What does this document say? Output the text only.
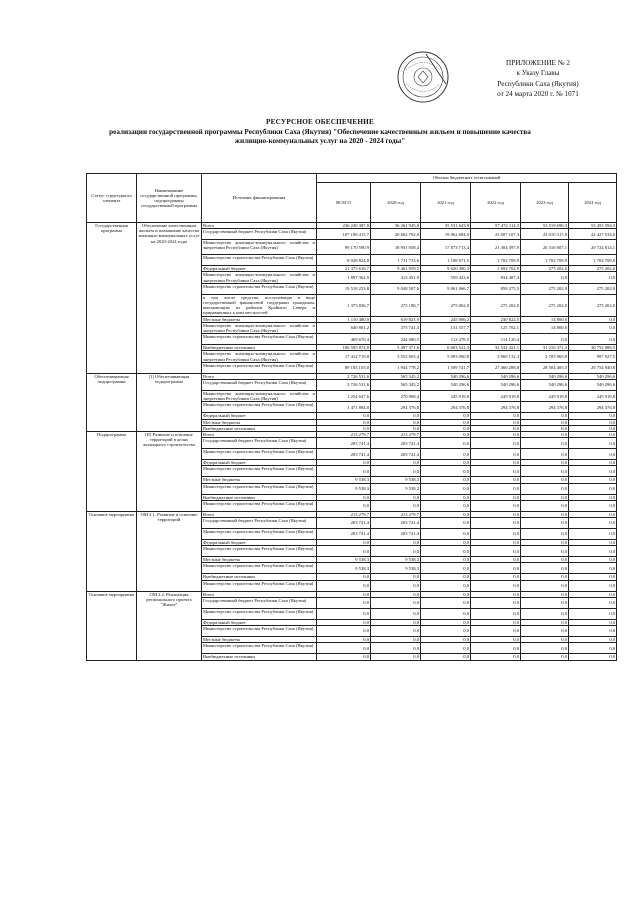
ПРИЛОЖЕНИЕ № 2
к Указу Главы
Республики Саха (Якутия)
от 24 марта 2020 г. № 1071
РЕСУРСНОЕ ОБЕСПЕЧЕНИЕ
реализации государственной программы Республики Саха (Якутия) "Обеспечение качественным жильем и повышение качества
жилищно-коммунальных услуг на 2020 - 2024 годы"
Статус структурного элемента	Наименование государственной программы, подпрограммы государственной программы	Источник финансирования	Объемы бюджетных ассигнований					
			ВСЕГО	2020 год	2021 год	2022 год	2023 год	2024 год
Государственная программа	Обеспечение качественным жильем и повышение качества жилищно-коммунальных услуг на 2020-2024 годы	Всего	236 240 387,8	36 261 945,0	35 531 643,9	57 472 114,3	53 519 690,3	53 455 594,3
		Государственный бюджет Республики Саха (Якутия)	107 190 415,7	20 662 792,0	19 062 684,0	23 007 107,3	22 010 317,0	22 427 534,0
		Министерство жилищно-коммунального хозяйства и энергетики Республики Саха (Якутия)	99 170 590,9	18 951 058,4	17 873 713,4	21 304 397,9	20 316 607,1	20 724 814,1
		Министерство строительства Республики Саха (Якутия)	8 028 824,8	1 711 733,6	1 188 971,5	1 702 709,9	1 702 709,9	1 702 709,9
		Федеральный бюджет	21 375 616,7	9 461 959,5	9 620 490,3	1 692 762,9	275 202,0	275 202,0
		Министерство жилищно-коммунального хозяйства и энергетики Республики Саха (Якутия)	1 897 362,9	413 451,9	559 423,6	834 487,4	0,0	0,0
		Министерство строительства Республики Саха (Якутия)	19 518 253,8	9 048 507,6	9 061 066,7	858 275,5	275 202,0	275 202,0
		в том числе средства, поступающие в виде государственной финансовой поддержки гражданам, выезжающим из районов Крайнего Севера и приравненных к ним местностей	1 375 836,7	275 188,7	275 062,0	275 202,0	275 202,0	275 202,0
		Местные бюджеты	1 110 480,0	619 821,9	245 006,2	230 822,5	14 800,0	0,0
		Министерство жилищно-коммунального хозяйства и энергетики Республики Саха (Якутия)	640 801,2	375 741,4	131 557,7	125 702,1	14 800,0	0,0
		Министерство строительства Республики Саха (Якутия)	469 670,4	244 080,5	113 478,5	114 120,4	0,0	0,0
		Внебюджетные источники	106 595 874,8	5 497 371,6	6 603 522,3	32 532 421,1	31 210 371,3	30 752 888,5
		Министерство жилищно-коммунального хозяйства и энергетики Республики Саха (Якутия)	17 412 719,8	3 552 603,4	5 093 090,8	3 069 132,3	2 705 965,8	997 927,5
		Министерство строительства Республики Саха (Якутия)	89 183 155,0	1 944 778,2	1 509 741,7	27 460 288,8	28 504 405,5	29 754 940,8
Обеспечивающая подпрограмма	[1] Обеспечивающая подпрограмма	Всего	2 726 531,6	565 345,2	540 296,6	540 296,6	540 296,6	540 296,6
		Государственный бюджет Республики Саха (Якутия)	2 726 531,6	565 345,2	540 296,6	540 296,6	540 296,6	540 296,6
		Министерство жилищно-коммунального хозяйства и энергетики Республики Саха (Якутия)	1 254 647,6	270 968,4	245 919,8	245 919,8	245 919,8	245 919,8
		Министерство строительства Республики Саха (Якутия)	1 471 884,0	294 376,8	294 376,8	294 376,8	294 376,8	294 376,8
		Федеральный бюджет	0,0	0,0	0,0	0,0	0,0	0,0
		Местные бюджеты	0,0	0,0	0,0	0,0	0,0	0,0
		Внебюджетные источники	0,0	0,0	0,0	0,0	0,0	0,0
Подпрограмма	[II] Развитие и освоение территорий в целях жилищного строительства	Всего	213 279,7	213 279,7	0,0	0,0	0,0	0,0
		Государственный бюджет Республики Саха (Якутия)	203 741,4	203 741,4	0,0	0,0	0,0	0,0
		Министерство строительства Республики Саха (Якутия)	203 741,4	203 741,4	0,0	0,0	0,0	0,0
		Федеральный бюджет	0,0	0,0	0,0	0,0	0,0	0,0
		Министерство строительства Республики Саха (Якутия)	0,0	0,0	0,0	0,0	0,0	0,0
		Местные бюджеты	9 538,3	9 538,3	0,0	0,0	0,0	0,0
		Министерство строительства Республики Саха (Якутия)	9 538,3	9 538,3	0,0	0,0	0,0	0,0
		Внебюджетные источники	0,0	0,0	0,0	0,0	0,0	0,0
		Министерство строительства Республики Саха (Якутия)	0,0	0,0	0,0	0,0	0,0	0,0
Основное мероприятие	ОМ 2.1. Развитие и освоение территорий	Всего	213 279,7	213 279,7	0,0	0,0	0,0	0,0
		Государственный бюджет Республики Саха (Якутия)	203 741,4	203 741,4	0,0	0,0	0,0	0,0
		Министерство строительства Республики Саха (Якутия)	203 741,4	203 741,4	0,0	0,0	0,0	0,0
		Федеральный бюджет	0,0	0,0	0,0	0,0	0,0	0,0
		Министерство строительства Республики Саха (Якутия)	0,0	0,0	0,0	0,0	0,0	0,0
		Местные бюджеты	9 538,3	9 538,3	0,0	0,0	0,0	0,0
		Министерство строительства Республики Саха (Якутия)	9 538,3	9 538,3	0,0	0,0	0,0	0,0
		Внебюджетные источники	0,0	0,0	0,0	0,0	0,0	0,0
		Министерство строительства Республики Саха (Якутия)	0,0	0,0	0,0	0,0	0,0	0,0
Основное мероприятие	ОМ 2.2. Реализация регионального проекта "Жилье"	Всего	0,0	0,0	0,0	0,0	0,0	0,0
		Государственный бюджет Республики Саха (Якутия)	0,0	0,0	0,0	0,0	0,0	0,0
		Министерство строительства Республики Саха (Якутия)	0,0	0,0	0,0	0,0	0,0	0,0
		Федеральный бюджет	0,0	0,0	0,0	0,0	0,0	0,0
		Министерство строительства Республики Саха (Якутия)	0,0	0,0	0,0	0,0	0,0	0,0
		Местные бюджеты	0,0	0,0	0,0	0,0	0,0	0,0
		Министерство строительства Республики Саха (Якутия)	0,0	0,0	0,0	0,0	0,0	0,0
		Внебюджетные источники	0,0	0,0	0,0	0,0	0,0	0,0
